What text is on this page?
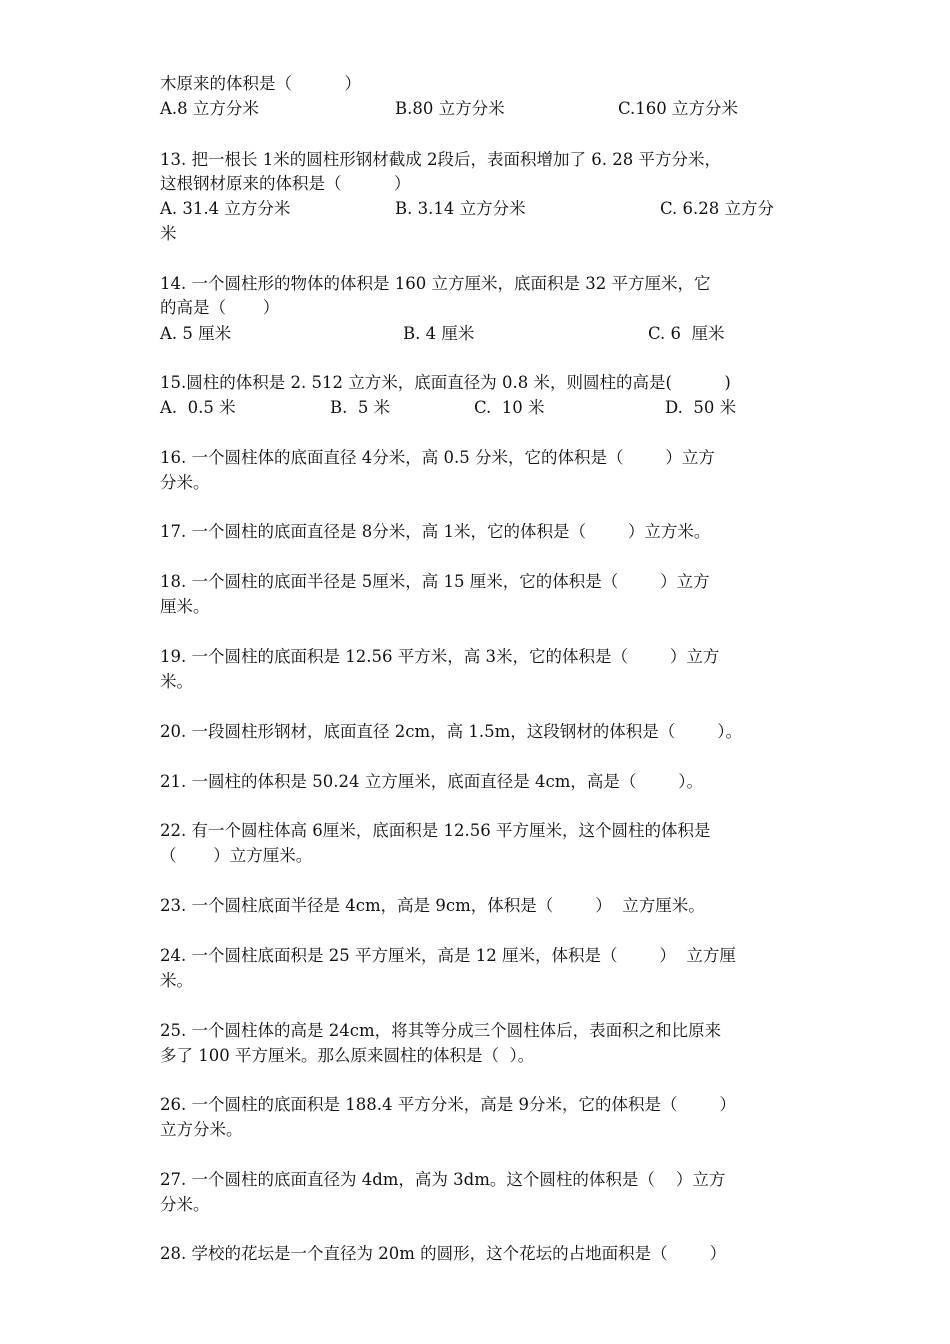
木原来的体积是（          ）
A.8 立方分米	B.80 立方分米	C.160 立方分米
13. 把一根长 1米的圆柱形钢材截成 2段后，表面积增加了 6. 28 平方分米，
这根钢材原来的体积是（          ）
A. 31.4 立方分米	B. 3.14 立方分米	C. 6.28 立方分
米
14. 一个圆柱形的物体的体积是 160 立方厘米，底面积是 32 平方厘米，它
的高是（       ）
A. 5 厘米	B. 4 厘米	C. 6  厘米
15.圆柱的体积是 2. 512 立方米，底面直径为 0.8 米，则圆柱的高是(          )
A.  0.5 米	B.  5 米	C.  10 米	D.  50 米
16. 一个圆柱体的底面直径 4分米，高 0.5 分米，它的体积是（        ）立方
分米。
17. 一个圆柱的底面直径是 8分米，高 1米，它的体积是（        ）立方米。
18. 一个圆柱的底面半径是 5厘米，高 15 厘米，它的体积是（        ）立方
厘米。
19. 一个圆柱的底面积是 12.56 平方米，高 3米，它的体积是（        ）立方
米。
20. 一段圆柱形钢材，底面直径 2cm，高 1.5m，这段钢材的体积是（        ）。
21. 一圆柱的体积是 50.24 立方厘米，底面直径是 4cm，高是（        ）。
22. 有一个圆柱体高 6厘米，底面积是 12.56 平方厘米，这个圆柱的体积是
（       ）立方厘米。
23. 一个圆柱底面半径是 4cm，高是 9cm，体积是（        ）  立方厘米。
24. 一个圆柱底面积是 25 平方厘米，高是 12 厘米，体积是（        ）  立方厘
米。
25. 一个圆柱体的高是 24cm，将其等分成三个圆柱体后，表面积之和比原来
多了 100 平方厘米。那么原来圆柱的体积是（  ）。
26. 一个圆柱的底面积是 188.4 平方分米，高是 9分米，它的体积是（        ）
立方分米。
27. 一个圆柱的底面直径为 4dm，高为 3dm。这个圆柱的体积是（    ）立方
分米。
28. 学校的花坛是一个直径为 20m 的圆形，这个花坛的占地面积是（        ）
